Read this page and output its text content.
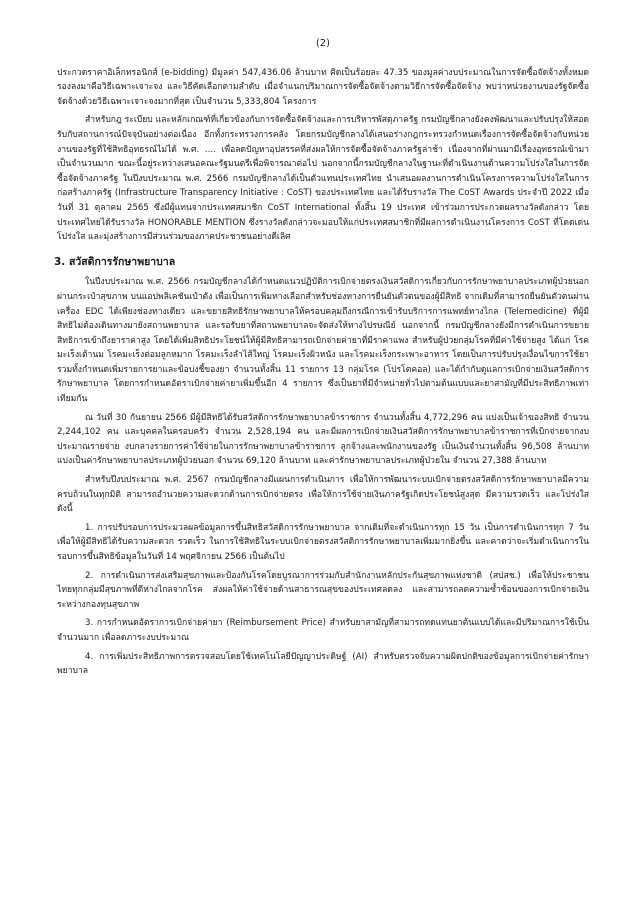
(2)

ประกวดราคาอิเล็กทรอนิกส์ (e-bidding) มีมูลค่า 547,436.06 ล้านบาท คิดเป็นร้อยละ 47.35 ของมูลค่างบประมาณในการจัดซื้อจัดจ้างทั้งหมด รองลงมาคือวิธีเฉพาะเจาะจง และวิธีคัดเลือกตามลำดับ เมื่อจำแนกปริมาณการจัดซื้อจัดจ้างตามวิธีการจัดซื้อจัดจ้าง พบว่าหน่วยงานของรัฐจัดซื้อจัดจ้างด้วยวิธีเฉพาะเจาะจงมากที่สุด เป็นจำนวน 5,333,804 โครงการ

สำหรับกฎ ระเบียบ และหลักเกณฑ์ที่เกี่ยวข้องกับการจัดซื้อจัดจ้างและการบริหารพัสดุภาครัฐ กรมบัญชีกลางยังคงพัฒนาและปรับปรุงให้สอดรับกับสถานการณ์ปัจจุบันอย่างต่อเนื่อง อีกทั้งกระทรวงการคลัง โดยกรมบัญชีกลางได้เสนอร่างกฎกระทรวงกำหนดเรื่องการจัดซื้อจัดจ้างกับหน่วยงานของรัฐที่ใช้สิทธิอุทธรณ์ไม่ได้ พ.ศ. .... เพื่อลดปัญหาอุปสรรคที่ส่งผลให้การจัดซื้อจัดจ้างภาครัฐล่าช้า เนื่องจากที่ผ่านมามีเรื่องอุทธรณ์เข้ามาเป็นจำนวนมาก ขณะนี้อยู่ระหว่างเสนอคณะรัฐมนตรีเพื่อพิจารณาต่อไป นอกจากนี้กรมบัญชีกลางในฐานะที่ดำเนินงานด้านความโปร่งใสในการจัดซื้อจัดจ้างภาครัฐ ในปีงบประมาณ พ.ศ. 2566 กรมบัญชีกลางได้เป็นตัวแทนประเทศไทย นำเสนอผลงานการดำเนินโครงการความโปร่งใสในการก่อสร้างภาครัฐ (Infrastructure Transparency Initiative : CoST) ของประเทศไทย และได้รับรางวัล The CoST Awards ประจำปี 2022 เมื่อวันที่ 31 ตุลาคม 2565 ซึ่งมีผู้แทนจากประเทศสมาชิก CoST International ทั้งสิ้น 19 ประเทศ เข้าร่วมการประกวดผลรางวัลดังกล่าว โดยประเทศไทยได้รับรางวัล HONORABLE MENTION ซึ่งรางวัลดังกล่าวจะมอบให้แก่ประเทศสมาชิกที่มีผลการดำเนินงานโครงการ CoST ที่โดดเด่น โปร่งใส และมุ่งสร้างการมีส่วนร่วมของภาคประชาชนอย่างดีเลิศ

3. สวัสดิการรักษาพยาบาล

ในปีงบประมาณ พ.ศ. 2566 กรมบัญชีกลางได้กำหนดแนวปฏิบัติการเบิกจ่ายตรงเงินสวัสดิการเกี่ยวกับการรักษาพยาบาลประเภทผู้ป่วยนอกผ่านกระเป๋าสุขภาพ บนแอปพลิเคชันเป๋าตัง เพื่อเป็นการเพิ่มทางเลือกสำหรับช่องทางการยืนยันตัวตนของผู้มีสิทธิ จากเดิมที่สามารถยืนยันตัวตนผ่านเครื่อง EDC ได้เพียงช่องทางเดียว และขยายสิทธิรักษาพยาบาลให้ครอบคลุมถึงกรณีการเข้ารับบริการการแพทย์ทางไกล (Telemedicine) ที่ผู้มีสิทธิไม่ต้องเดินทางมายังสถานพยาบาล และรอรับยาที่สถานพยาบาลจะจัดส่งให้ทางไปรษณีย์ นอกจากนี้ กรมบัญชีกลางยังมีการดำเนินการขยายสิทธิการเข้าถึงยาราคาสูง โดยได้เพิ่มสิทธิประโยชน์ให้ผู้มีสิทธิสามารถเบิกจ่ายค่ายาที่มีราคาแพง สำหรับผู้ป่วยกลุ่มโรคที่มีค่าใช้จ่ายสูง ได้แก่ โรคมะเร็งเต้านม โรคมะเร็งต่อมลูกหมาก โรคมะเร็งลำไส้ใหญ่ โรคมะเร็งผิวหนัง และโรคมะเร็งกระเพาะอาหาร โดยเป็นการปรับปรุงเงื่อนไขการใช้ยารวมทั้งกำหนดเพิ่มรายการยาและข้อบ่งชี้ของยา จำนวนทั้งสิ้น 11 รายการ 13 กลุ่มโรค (โปรโตคอล) และได้กำกับดูแลการเบิกจ่ายเงินสวัสดิการรักษาพยาบาล โดยการกำหนดอัตราเบิกจ่ายค่ายาเพิ่มขึ้นอีก 4 รายการ ซึ่งเป็นยาที่มีจำหน่ายทั่วไปตามต้นแบบและยาสามัญที่มีประสิทธิภาพเท่าเทียมกัน

ณ วันที่ 30 กันยายน 2566 มีผู้มีสิทธิได้รับสวัสดิการรักษาพยาบาลข้าราชการ จำนวนทั้งสิ้น 4,772,296 คน แบ่งเป็นเจ้าของสิทธิ จำนวน 2,244,102 คน และบุคคลในครอบครัว จำนวน 2,528,194 คน และมีผลการเบิกจ่ายเงินสวัสดิการรักษาพยาบาลข้าราชการที่เบิกจ่ายจากงบประมาณรายจ่าย งบกลางรายการค่าใช้จ่ายในการรักษาพยาบาลข้าราชการ ลูกจ้างและพนักงานของรัฐ เป็นเงินจำนวนทั้งสิ้น 96,508 ล้านบาท แบ่งเป็นค่ารักษาพยาบาลประเภทผู้ป่วยนอก จำนวน 69,120 ล้านบาท และค่ารักษาพยาบาลประเภทผู้ป่วยใน จำนวน 27,388 ล้านบาท

สำหรับปีงบประมาณ พ.ศ. 2567 กรมบัญชีกลางมีแผนการดำเนินการ เพื่อให้การพัฒนาระบบเบิกจ่ายตรงสวัสดิการรักษาพยาบาลมีความครบถ้วนในทุกมิติ สามารถอำนวยความสะดวกด้านการเบิกจ่ายตรง เพื่อให้การใช้จ่ายเงินภาครัฐเกิดประโยชน์สูงสุด มีความรวดเร็ว และโปร่งใส ดังนี้

1. การปรับรอบการประมวลผลข้อมูลการขึ้นสิทธิสวัสดิการรักษาพยาบาล จากเดิมที่จะดำเนินการทุก 15 วัน เป็นการดำเนินการทุก 7 วัน เพื่อให้ผู้มีสิทธิได้รับความสะดวก รวดเร็ว ในการใช้สิทธิในระบบเบิกจ่ายตรงสวัสดิการรักษาพยาบาลเพิ่มมากยิ่งขึ้น และคาดว่าจะเริ่มดำเนินการในรอบการขึ้นสิทธิข้อมูลในวันที่ 14 พฤศจิกายน 2566 เป็นต้นไป

2. การดำเนินการส่งเสริมสุขภาพและป้องกันโรคโดยบูรณาการร่วมกับสำนักงานหลักประกันสุขภาพแห่งชาติ (สปสช.) เพื่อให้ประชาชนไทยทุกกลุ่มมีสุขภาพที่ดีห่างไกลจากโรค ส่งผลให้ค่าใช้จ่ายด้านสาธารณสุขของประเทศลดลง และสามารถลดความซ้ำซ้อนของการเบิกจ่ายเงินระหว่างกองทุนสุขภาพ

3. การกำหนดอัตราการเบิกจ่ายค่ายา (Reimbursement Price) สำหรับยาสามัญที่สามารถทดแทนยาต้นแบบได้และมีปริมาณการใช้เป็นจำนวนมาก เพื่อลดภาระงบประมาณ

4. การเพิ่มประสิทธิภาพการตรวจสอบโดยใช้เทคโนโลยีปัญญาประดิษฐ์ (AI) สำหรับตรวจจับความผิดปกติของข้อมูลการเบิกจ่ายค่ารักษาพยาบาล
